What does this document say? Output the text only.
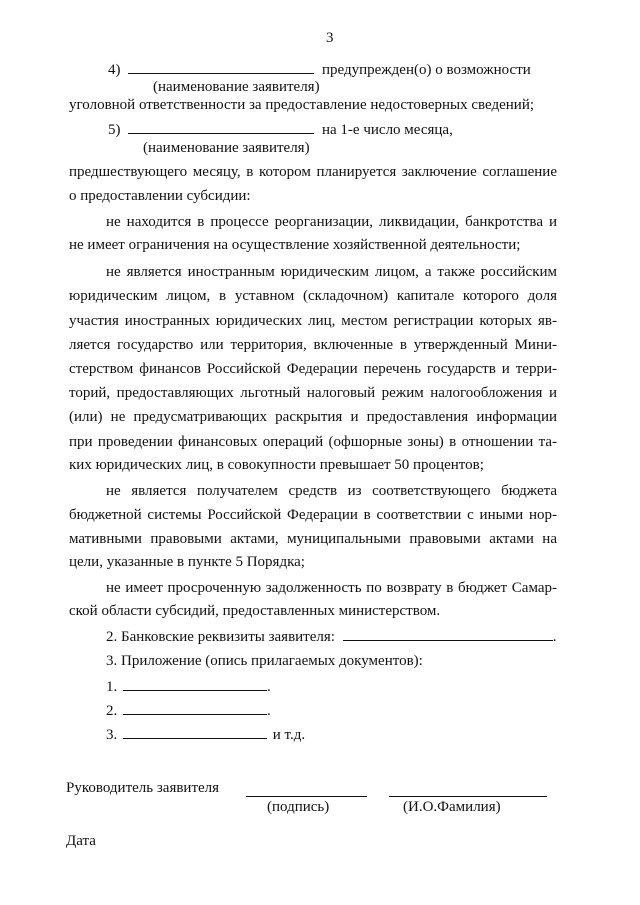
3
4)	предупрежден(о) о возможности
(наименование заявителя)
уголовной ответственности за предоставление недостоверных сведений;
5)	на 1-е число месяца,
(наименование заявителя)
предшествующего месяцу, в котором планируется заключение соглашение
о предоставлении субсидии:
не находится в процессе реорганизации, ликвидации, банкротства и
не имеет ограничения на осуществление хозяйственной деятельности;
не является иностранным юридическим лицом, а также российским
юридическим лицом, в уставном (складочном) капитале которого доля
участия иностранных юридических лиц, местом регистрации которых яв-
ляется государство или территория, включенные в утвержденный Мини-
стерством финансов Российской Федерации перечень государств и терри-
торий, предоставляющих льготный налоговый режим налогообложения и
(или) не предусматривающих раскрытия и предоставления информации
при проведении финансовых операций (офшорные зоны) в отношении та-
ких юридических лиц, в совокупности превышает 50 процентов;
не является получателем средств из соответствующего бюджета
бюджетной системы Российской Федерации в соответствии с иными нор-
мативными правовыми актами, муниципальными правовыми актами на
цели, указанные в пункте 5 Порядка;
не имеет просроченную задолженность по возврату в бюджет Самар-
ской области субсидий, предоставленных министерством.
2. Банковские реквизиты заявителя:	.
3. Приложение (опись прилагаемых документов):
1.	.
2.	.
3.	и т.д.
Руководитель заявителя
(подпись)	(И.О.Фамилия)
Дата
